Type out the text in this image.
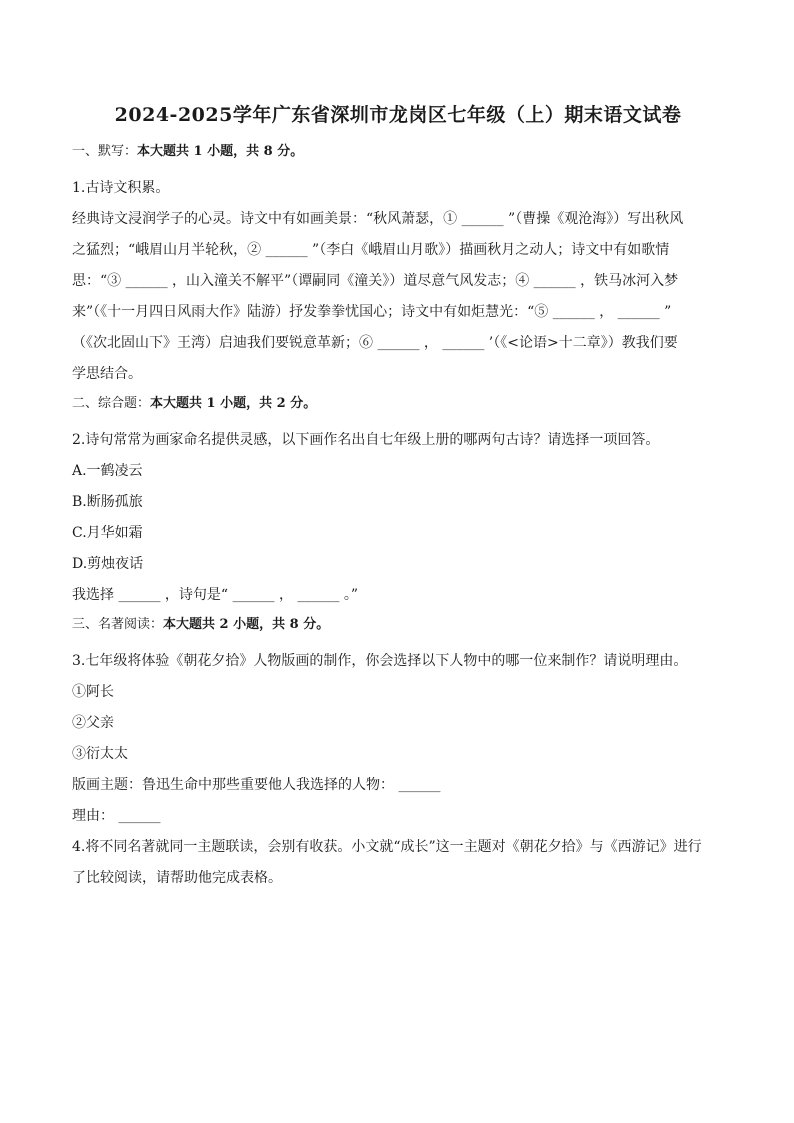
2024-2025学年广东省深圳市龙岗区七年级（上）期末语文试卷
一、默写：本大题共 1 小题，共 8 分。

1.古诗文积累。

经典诗文浸润学子的心灵。诗文中有如画美景：“秋风萧瑟，① ______ ”（曹操《观沧海》）写出秋风

之猛烈；“峨眉山月半轮秋，② ______ ”（李白《峨眉山月歌》）描画秋月之动人；诗文中有如歌情

思：“③ ______ ，山入潼关不解平”（谭嗣同《潼关》）道尽意气风发志；④ ______ ，铁马冰河入梦

来”（《十一月四日风雨大作》陆游）抒发拳拳忧国心；诗文中有如炬慧光：“⑤ ______ ， ______ ”

（《次北固山下》王湾）启迪我们要锐意革新；⑥ ______ ， ______ ’（《<论语>十二章》）教我们要

学思结合。

二、综合题：本大题共 1 小题，共 2 分。

2.诗句常常为画家命名提供灵感，以下画作名出自七年级上册的哪两句古诗？请选择一项回答。

A.一鹤凌云

B.断肠孤旅

C.月华如霜

D.剪烛夜话

我选择 ______ ，诗句是“ ______ ， ______ 。”

三、名著阅读：本大题共 2 小题，共 8 分。

3.七年级将体验《朝花夕拾》人物版画的制作，你会选择以下人物中的哪一位来制作？请说明理由。

①阿长

②父亲

③衍太太

版画主题：鲁迅生命中那些重要他人我选择的人物： ______

理由： ______

4.将不同名著就同一主题联读，会别有收获。小文就“成长”这一主题对《朝花夕拾》与《西游记》进行

了比较阅读，请帮助他完成表格。
